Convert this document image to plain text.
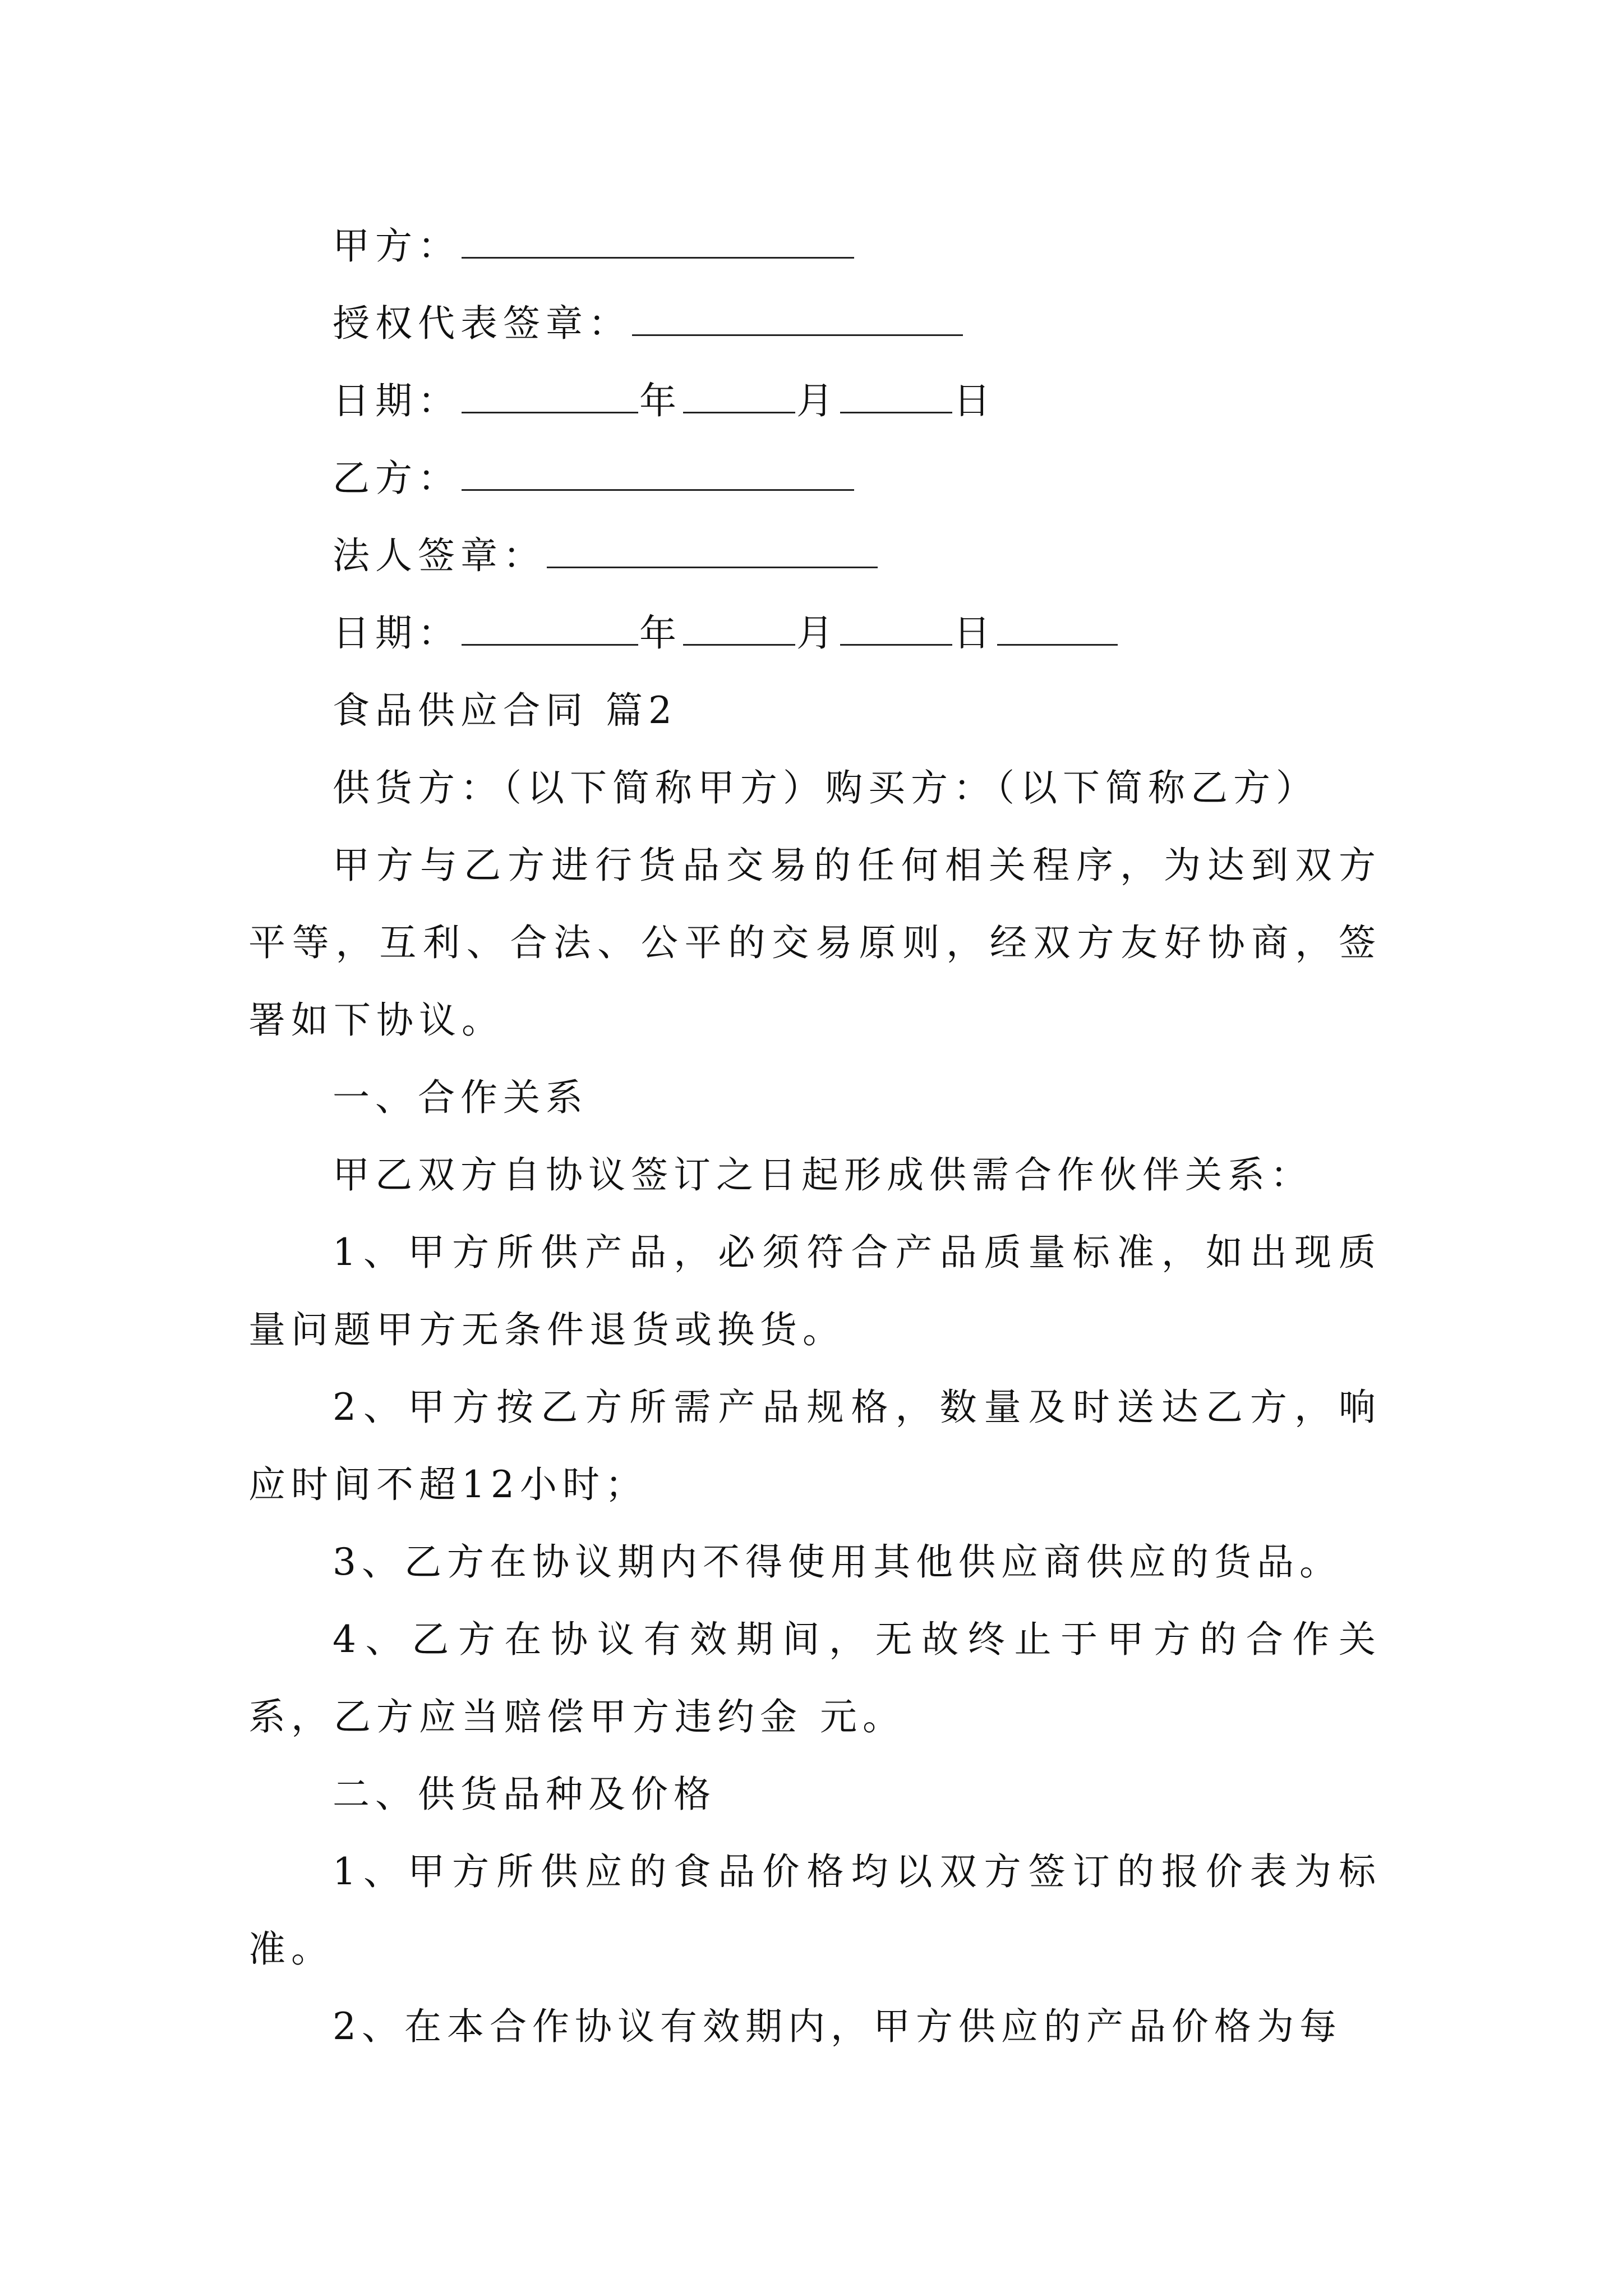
甲方：
授权代表签章：
日期：	年	月	日
乙方：
法人签章：
日期：	年	月	日
食品供应合同 篇2
供货方：（以下简称甲方）购买方：（以下简称乙方）

甲方与乙方进行货品交易的任何相关程序，为达到双方平等，互利、合法、公平的交易原则，经双方友好协商，签署如下协议。

一、合作关系
甲乙双方自协议签订之日起形成供需合作伙伴关系：

1、甲方所供产品，必须符合产品质量标准，如出现质量问题甲方无条件退货或换货。

2、甲方按乙方所需产品规格，数量及时送达乙方，响应时间不超12小时；

3、乙方在协议期内不得使用其他供应商供应的货品。

4、乙方在协议有效期间，无故终止于甲方的合作关系，乙方应当赔偿甲方违约金 元。

二、供货品种及价格

1、甲方所供应的食品价格均以双方签订的报价表为标准。

2、在本合作协议有效期内，甲方供应的产品价格为每
